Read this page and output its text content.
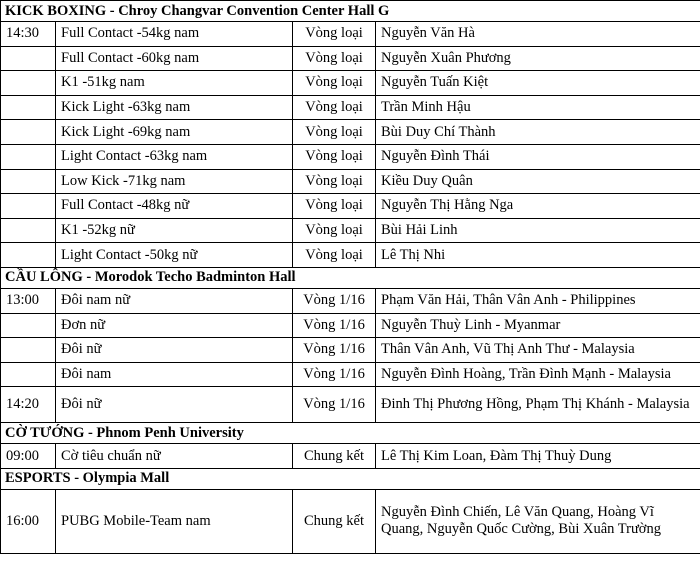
KICK BOXING - Chroy Changvar Convention Center Hall G			
14:30	Full Contact -54kg nam	Vòng loại	Nguyễn Văn Hà
	Full Contact -60kg nam	Vòng loại	Nguyễn Xuân Phương
	K1 -51kg nam	Vòng loại	Nguyễn Tuấn Kiệt
	Kick Light -63kg nam	Vòng loại	Trần Minh Hậu
	Kick Light -69kg nam	Vòng loại	Bùi Duy Chí Thành
	Light Contact -63kg nam	Vòng loại	Nguyễn Đình Thái
	Low Kick -71kg nam	Vòng loại	Kiều Duy Quân
	Full Contact -48kg nữ	Vòng loại	Nguyễn Thị Hằng Nga
	K1 -52kg nữ	Vòng loại	Bùi Hải Linh
	Light Contact -50kg nữ	Vòng loại	Lê Thị Nhi
CẦU LÔNG - Morodok Techo Badminton Hall			
13:00	Đôi nam nữ	Vòng 1/16	Phạm Văn Hải, Thân Vân Anh - Philippines
	Đơn nữ	Vòng 1/16	Nguyễn Thuỳ Linh - Myanmar
	Đôi nữ	Vòng 1/16	Thân Vân Anh, Vũ Thị Anh Thư - Malaysia
	Đôi nam	Vòng 1/16	Nguyễn Đình Hoàng, Trần Đình Mạnh - Malaysia
14:20	Đôi nữ	Vòng 1/16	Đinh Thị Phương Hồng, Phạm Thị Khánh - Malaysia
CỜ TƯỚNG - Phnom Penh University			
09:00	Cờ tiêu chuẩn nữ	Chung kết	Lê Thị Kim Loan, Đàm Thị Thuỳ Dung
ESPORTS - Olympia Mall			
16:00	PUBG Mobile-Team nam	Chung kết	Nguyễn Đình Chiến, Lê Văn Quang, Hoàng Vĩ Quang, Nguyễn Quốc Cường, Bùi Xuân Trường
